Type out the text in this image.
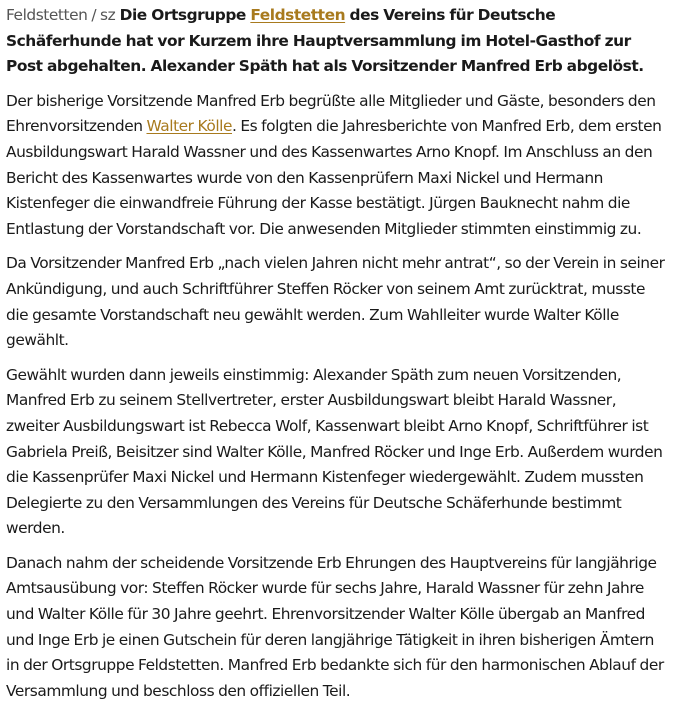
Feldstetten / sz Die Ortsgruppe Feldstetten des Vereins für Deutsche Schäferhunde hat vor Kurzem ihre Hauptversammlung im Hotel-Gasthof zur Post abgehalten. Alexander Späth hat als Vorsitzender Manfred Erb abgelöst.

Der bisherige Vorsitzende Manfred Erb begrüßte alle Mitglieder und Gäste, besonders den Ehrenvorsitzenden Walter Kölle. Es folgten die Jahresberichte von Manfred Erb, dem ersten Ausbildungswart Harald Wassner und des Kassenwartes Arno Knopf. Im Anschluss an den Bericht des Kassenwartes wurde von den Kassenprüfern Maxi Nickel und Hermann Kistenfeger die einwandfreie Führung der Kasse bestätigt. Jürgen Bauknecht nahm die Entlastung der Vorstandschaft vor. Die anwesenden Mitglieder stimmten einstimmig zu.

Da Vorsitzender Manfred Erb „nach vielen Jahren nicht mehr antrat“, so der Verein in seiner Ankündigung, und auch Schriftführer Steffen Röcker von seinem Amt zurücktrat, musste die gesamte Vorstandschaft neu gewählt werden. Zum Wahlleiter wurde Walter Kölle gewählt.

Gewählt wurden dann jeweils einstimmig: Alexander Späth zum neuen Vorsitzenden, Manfred Erb zu seinem Stellvertreter, erster Ausbildungswart bleibt Harald Wassner, zweiter Ausbildungswart ist Rebecca Wolf, Kassenwart bleibt Arno Knopf, Schriftführer ist Gabriela Preiß, Beisitzer sind Walter Kölle, Manfred Röcker und Inge Erb. Außerdem wurden die Kassenprüfer Maxi Nickel und Hermann Kistenfeger wiedergewählt. Zudem mussten Delegierte zu den Versammlungen des Vereins für Deutsche Schäferhunde bestimmt werden.

Danach nahm der scheidende Vorsitzende Erb Ehrungen des Hauptvereins für langjährige Amtsausübung vor: Steffen Röcker wurde für sechs Jahre, Harald Wassner für zehn Jahre und Walter Kölle für 30 Jahre geehrt. Ehrenvorsitzender Walter Kölle übergab an Manfred und Inge Erb je einen Gutschein für deren langjährige Tätigkeit in ihren bisherigen Ämtern in der Ortsgruppe Feldstetten. Manfred Erb bedankte sich für den harmonischen Ablauf der Versammlung und beschloss den offiziellen Teil.
